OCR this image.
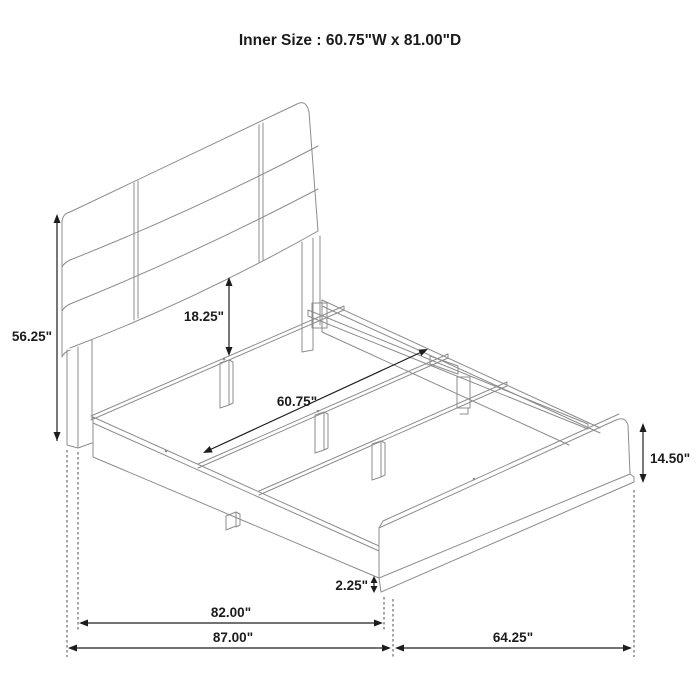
Inner Size : 60.75"W x 81.00"D
56.25"
18.25"
60.75"
14.50"
2.25"
82.00"
87.00"	64.25"
